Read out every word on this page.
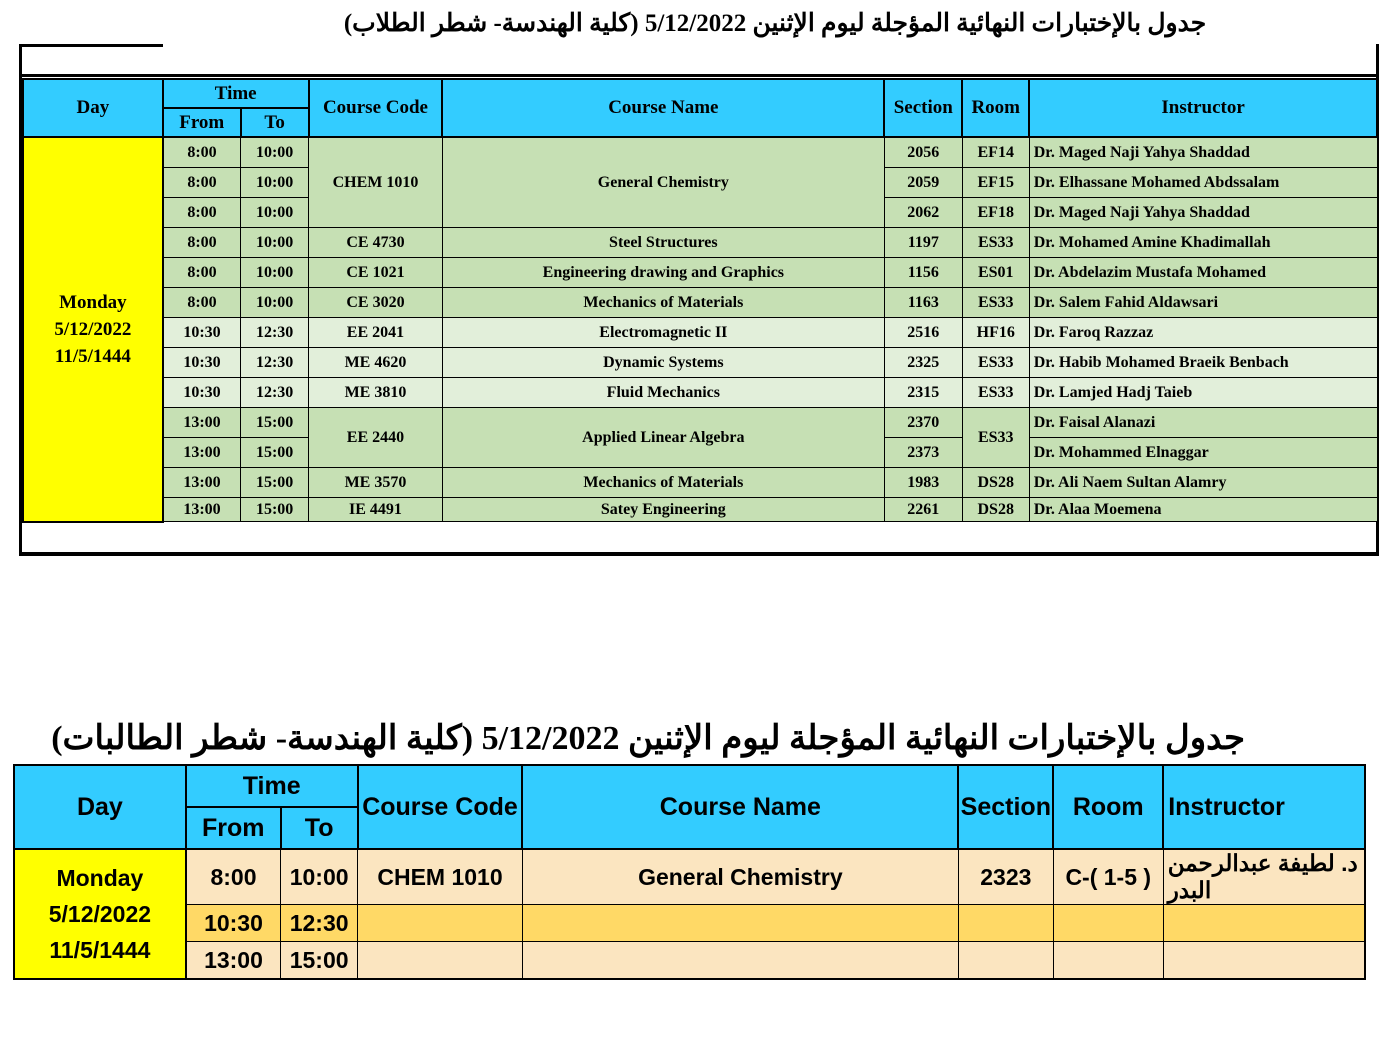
جدول بالإختبارات النهائية المؤجلة ليوم الإثنين 5/12/2022 (كلية الهندسة- شطر الطلاب)
Day	Time		Course Code	Course Name	Section	Room	Instructor
	From	To					
Monday
5/12/2022
11/5/1444	8:00	10:00	CHEM 1010	General Chemistry	2056	EF14	Dr. Maged Naji Yahya Shaddad
	8:00	10:00			2059	EF15	Dr. Elhassane Mohamed Abdssalam
	8:00	10:00			2062	EF18	Dr. Maged Naji Yahya Shaddad
	8:00	10:00	CE 4730	Steel Structures	1197	ES33	Dr. Mohamed Amine Khadimallah
	8:00	10:00	CE 1021	Engineering drawing and Graphics	1156	ES01	Dr. Abdelazim Mustafa Mohamed
	8:00	10:00	CE 3020	Mechanics of Materials	1163	ES33	Dr. Salem Fahid Aldawsari
	10:30	12:30	EE 2041	Electromagnetic II	2516	HF16	Dr. Faroq Razzaz
	10:30	12:30	ME 4620	Dynamic Systems	2325	ES33	Dr. Habib Mohamed Braeik Benbach
	10:30	12:30	ME 3810	Fluid Mechanics	2315	ES33	Dr. Lamjed Hadj Taieb
	13:00	15:00	EE 2440	Applied Linear Algebra	2370	ES33	Dr. Faisal Alanazi
	13:00	15:00			2373		Dr. Mohammed Elnaggar
	13:00	15:00	ME 3570	Mechanics of Materials	1983	DS28	Dr. Ali Naem Sultan Alamry
	13:00	15:00	IE 4491	Satey Engineering	2261	DS28	Dr. Alaa Moemena
جدول بالإختبارات النهائية المؤجلة ليوم الإثنين 5/12/2022 (كلية الهندسة- شطر الطالبات)
Day	Time		Course Code	Course Name	Section	Room	Instructor
	From	To					
Monday
5/12/2022
11/5/1444	8:00	10:00	CHEM 1010	General Chemistry	2323	C-( 1-5 )	د. لطيفة عبدالرحمن البدر
	10:30	12:30					
	13:00	15:00					
